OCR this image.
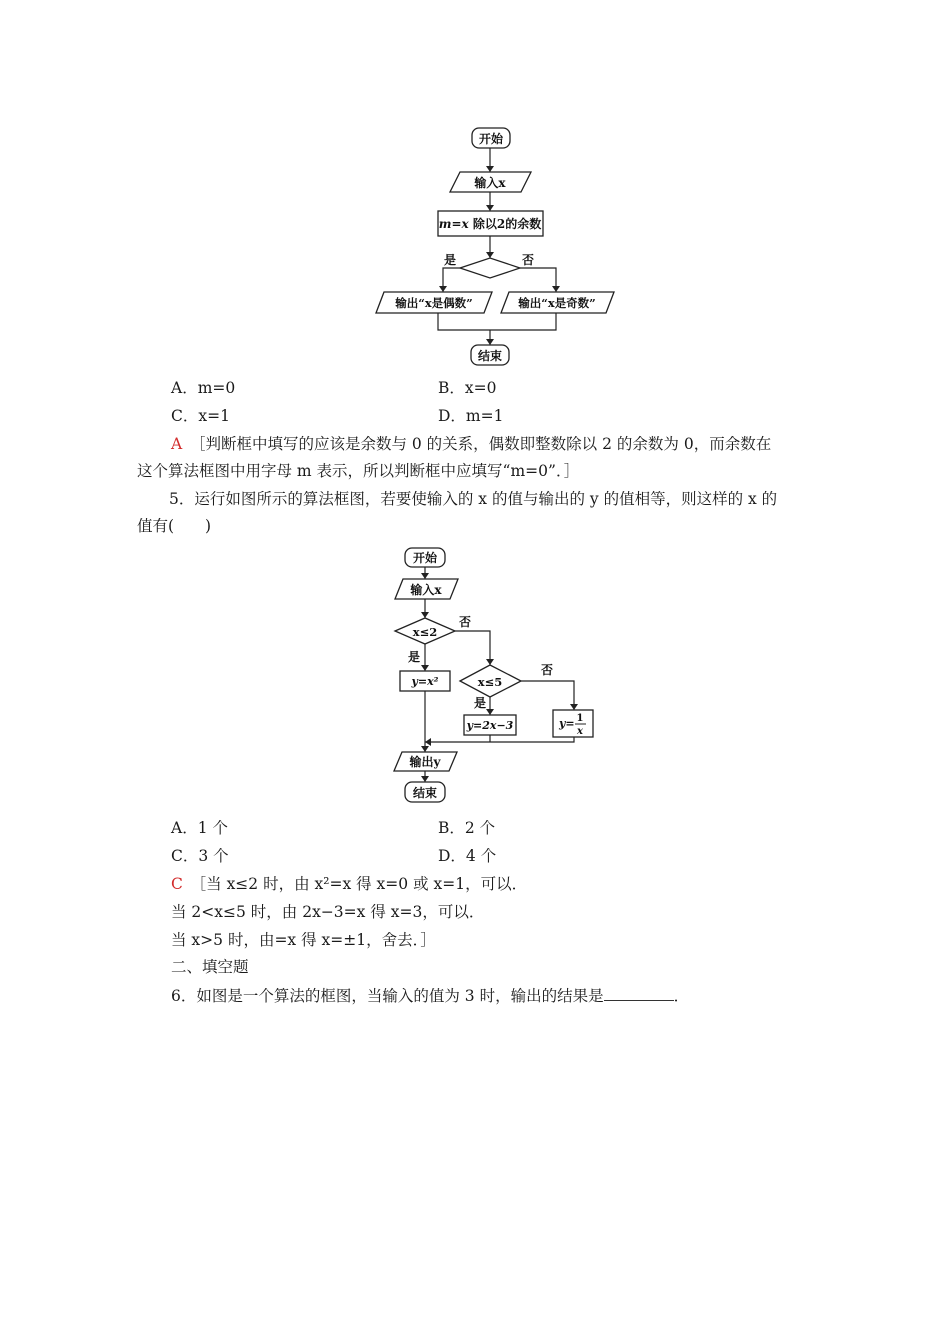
开始
输入x
m=x 除以2的余数
是	否
输出“x是偶数”	输出“x是奇数”
结束
A．m=0	B．x=0
C．x=1	D．m=1
A　 ［判断框中填写的应该是余数与 0 的关系，偶数即整数除以 2 的余数为 0，而余数在
这个算法框图中用字母 m 表示，所以判断框中应填写“m=0”．］
5．运行如图所示的算法框图，若要使输入的 x 的值与输出的 y 的值相等，则这样的 x 的
值有(　　)
开始
输入x
x≤2
否
是
y=x²	x≤5
否
是
y=2x−3	y= 1
x
输出y
结束
A．1 个	B．2 个
C．3 个	D．4 个
C　 ［当 x≤2 时，由 x²=x 得 x=0 或 x=1，可以．
当 2<x≤5 时，由 2x−3=x 得 x=3，可以．
当 x>5 时，由=x 得 x=±1，舍去．］
二、填空题
6．如图是一个算法的框图，当输入的值为 3 时，输出的结果是	．
